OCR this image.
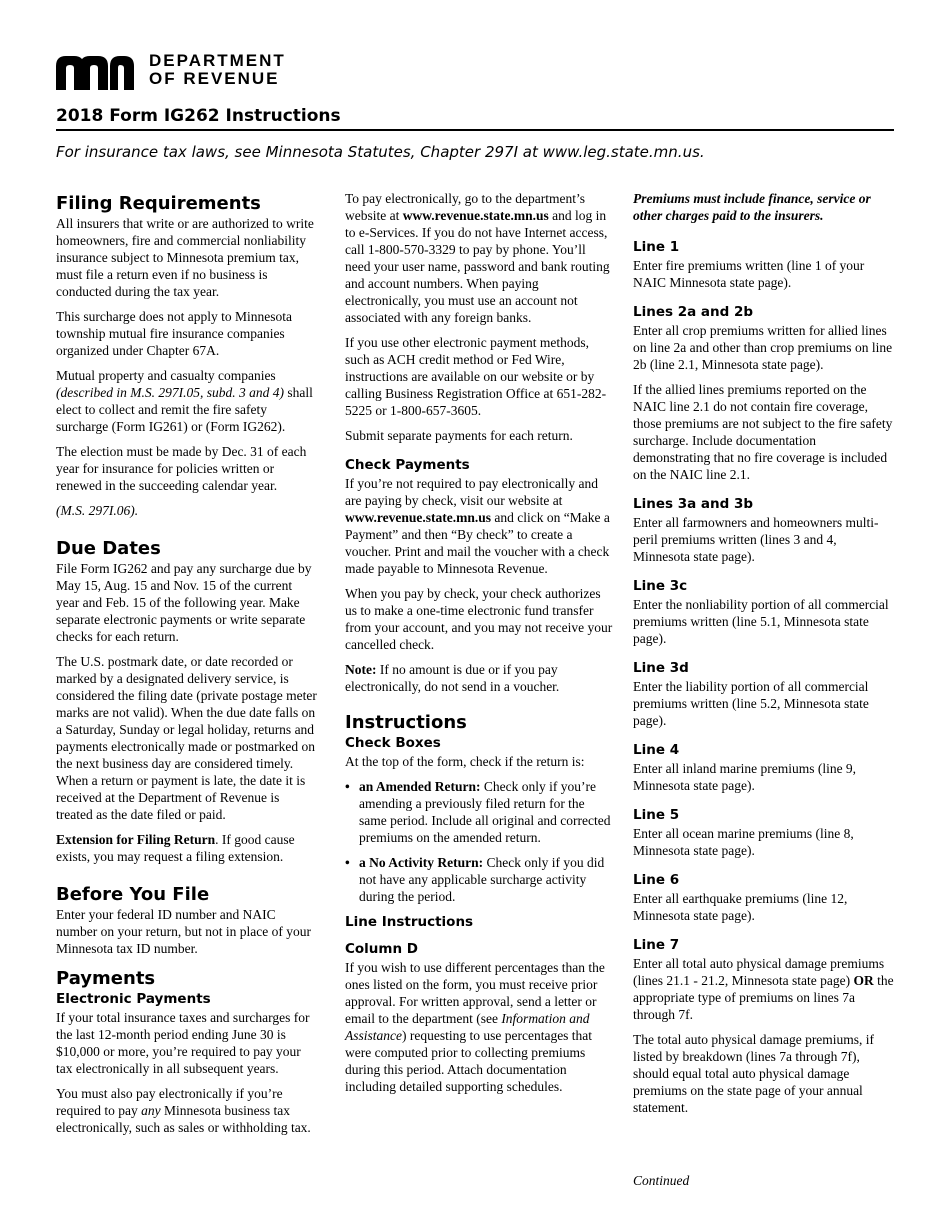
DEPARTMENT
OF REVENUE
2018 Form IG262 Instructions
For insurance tax laws, see Minnesota Statutes, Chapter 297I at www.leg.state.mn.us.
Filing Requirements

All insurers that write or are authorized to write homeowners, fire and commercial nonliability insurance subject to Minnesota premium tax, must file a return even if no business is conducted during the tax year.

This surcharge does not apply to Minnesota township mutual fire insurance companies organized under Chapter 67A.

Mutual property and casualty companies (described in M.S. 297I.05, subd. 3 and 4) shall elect to collect and remit the fire safety surcharge (Form IG261) or (Form IG262).

The election must be made by Dec. 31 of each year for insurance for policies written or renewed in the succeeding calendar year.

(M.S. 297I.06).

Due Dates

File Form IG262 and pay any surcharge due by May 15, Aug. 15 and Nov. 15 of the current year and Feb. 15 of the following year. Make separate electronic payments or write separate checks for each return.

The U.S. postmark date, or date recorded or marked by a designated delivery service, is considered the filing date (private postage meter marks are not valid). When the due date falls on a Saturday, Sunday or legal holiday, returns and payments electronically made or postmarked on the next business day are considered timely. When a return or payment is late, the date it is received at the Department of Revenue is treated as the date filed or paid.

Extension for Filing Return. If good cause exists, you may request a filing extension.

Before You File

Enter your federal ID number and NAIC number on your return, but not in place of your Minnesota tax ID number.

Payments
Electronic Payments

If your total insurance taxes and surcharges for the last 12-month period ending June 30 is $10,000 or more, you’re required to pay your tax electronically in all subsequent years.

You must also pay electronically if you’re required to pay any Minnesota business tax electronically, such as sales or withholding tax.

To pay electronically, go to the department’s website at www.revenue.state.mn.us and log in to e-Services. If you do not have Internet access, call 1-800-570-3329 to pay by phone. You’ll need your user name, password and bank routing and account numbers. When paying electronically, you must use an account not associated with any foreign banks.

If you use other electronic payment methods, such as ACH credit method or Fed Wire, instructions are available on our website or by calling Business Registration Office at 651-282-5225 or 1-800-657-3605.

Submit separate payments for each return.

Check Payments

If you’re not required to pay electronically and are paying by check, visit our website at www.revenue.state.mn.us and click on “Make a Payment” and then “By check” to create a voucher. Print and mail the voucher with a check made payable to Minnesota Revenue.

When you pay by check, your check authorizes us to make a one-time electronic fund transfer from your account, and you may not receive your cancelled check.

Note: If no amount is due or if you pay electronically, do not send in a voucher.

Instructions
Check Boxes

At the top of the form, check if the return is:

• an Amended Return: Check only if you’re amending a previously filed return for the same period. Include all original and corrected premiums on the amended return.
• a No Activity Return: Check only if you did not have any applicable surcharge activity during the period.
Line Instructions
Column D

If you wish to use different percentages than the ones listed on the form, you must receive prior approval. For written approval, send a letter or email to the department (see Information and Assistance) requesting to use percentages that were computed prior to collecting premiums during this period. Attach documentation including detailed supporting schedules.

Premiums must include finance, service or other charges paid to the insurers.

Line 1

Enter fire premiums written (line 1 of your NAIC Minnesota state page).

Lines 2a and 2b

Enter all crop premiums written for allied lines on line 2a and other than crop premiums on line 2b (line 2.1, Minnesota state page).

If the allied lines premiums reported on the NAIC line 2.1 do not contain fire coverage, those premiums are not subject to the fire safety surcharge. Include documentation demonstrating that no fire coverage is included on the NAIC line 2.1.

Lines 3a and 3b

Enter all farmowners and homeowners multi-peril premiums written (lines 3 and 4, Minnesota state page).

Line 3c

Enter the nonliability portion of all commercial premiums written (line 5.1, Minnesota state page).

Line 3d

Enter the liability portion of all commercial premiums written (line 5.2, Minnesota state page).

Line 4

Enter all inland marine premiums (line 9, Minnesota state page).

Line 5

Enter all ocean marine premiums (line 8, Minnesota state page).

Line 6

Enter all earthquake premiums (line 12, Minnesota state page).

Line 7

Enter all total auto physical damage premiums (lines 21.1 - 21.2, Minnesota state page) OR the appropriate type of premiums on lines 7a through 7f.

The total auto physical damage premiums, if listed by breakdown (lines 7a through 7f), should equal total auto physical damage premiums on the state page of your annual statement.

Continued
